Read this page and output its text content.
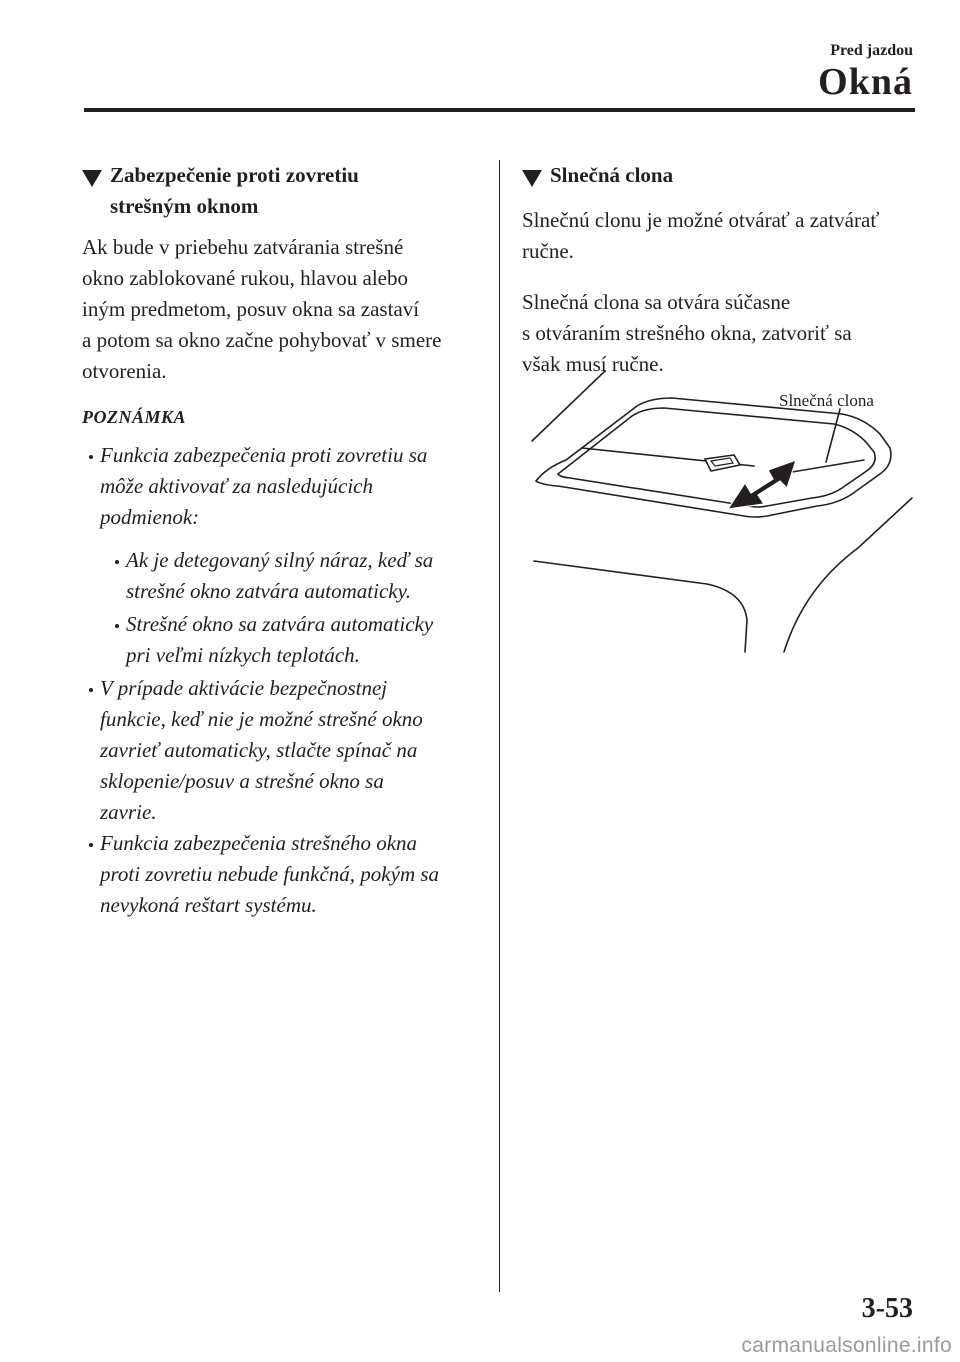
Pred jazdou
Okná
Zabezpečenie proti zovretiu
strešným oknom

Ak bude v priebehu zatvárania strešné
okno zablokované rukou, hlavou alebo
iným predmetom, posuv okna sa zastaví
a potom sa okno začne pohybovať v smere
otvorenia.

POZNÁMKA

Funkcia zabezpečenia proti zovretiu sa
môže aktivovať za nasledujúcich
podmienok:

Ak je detegovaný silný náraz, keď sa
strešné okno zatvára automaticky.

Strešné okno sa zatvára automaticky
pri veľmi nízkych teplotách.

V prípade aktivácie bezpečnostnej
funkcie, keď nie je možné strešné okno
zavrieť automaticky, stlačte spínač na
sklopenie/posuv a strešné okno sa
zavrie.

Funkcia zabezpečenia strešného okna
proti zovretiu nebude funkčná, pokým sa
nevykoná reštart systému.

Slnečná clona

Slnečnú clonu je možné otvárať a zatvárať
ručne.

Slnečná clona sa otvára súčasne
s otváraním strešného okna, zatvoriť sa
však musí ručne.

Slnečná clona
3-53
carmanualsonline.info
